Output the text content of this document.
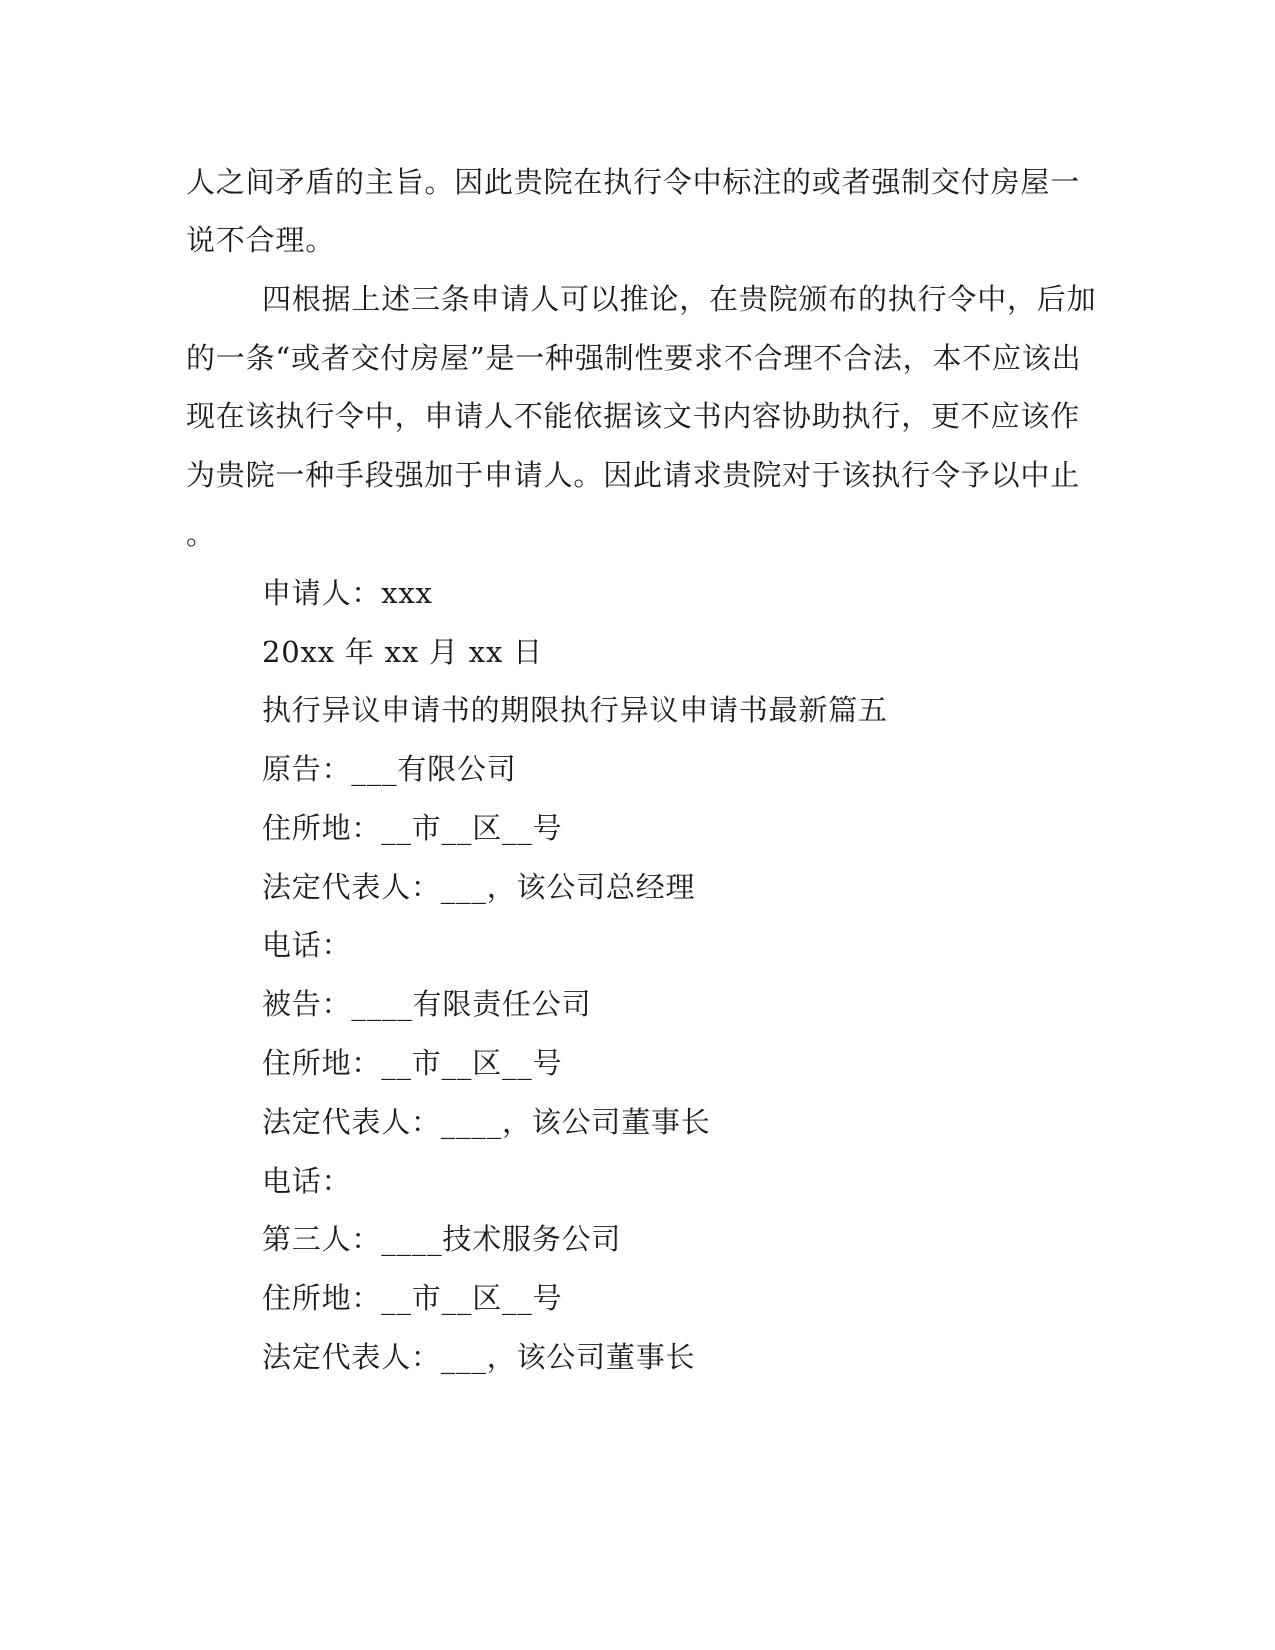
人之间矛盾的主旨。因此贵院在执行令中标注的或者强制交付房屋一
说不合理。
四根据上述三条申请人可以推论，在贵院颁布的执行令中，后加
的一条“或者交付房屋”是一种强制性要求不合理不合法，本不应该出
现在该执行令中，申请人不能依据该文书内容协助执行，更不应该作
为贵院一种手段强加于申请人。因此请求贵院对于该执行令予以中止
。
申请人：xxx
20xx 年 xx 月 xx 日
执行异议申请书的期限执行异议申请书最新篇五
原告：___有限公司
住所地：__市__区__号
法定代表人：___，该公司总经理
电话：
被告：____有限责任公司
住所地：__市__区__号
法定代表人：____，该公司董事长
电话：
第三人：____技术服务公司
住所地：__市__区__号
法定代表人：___，该公司董事长
